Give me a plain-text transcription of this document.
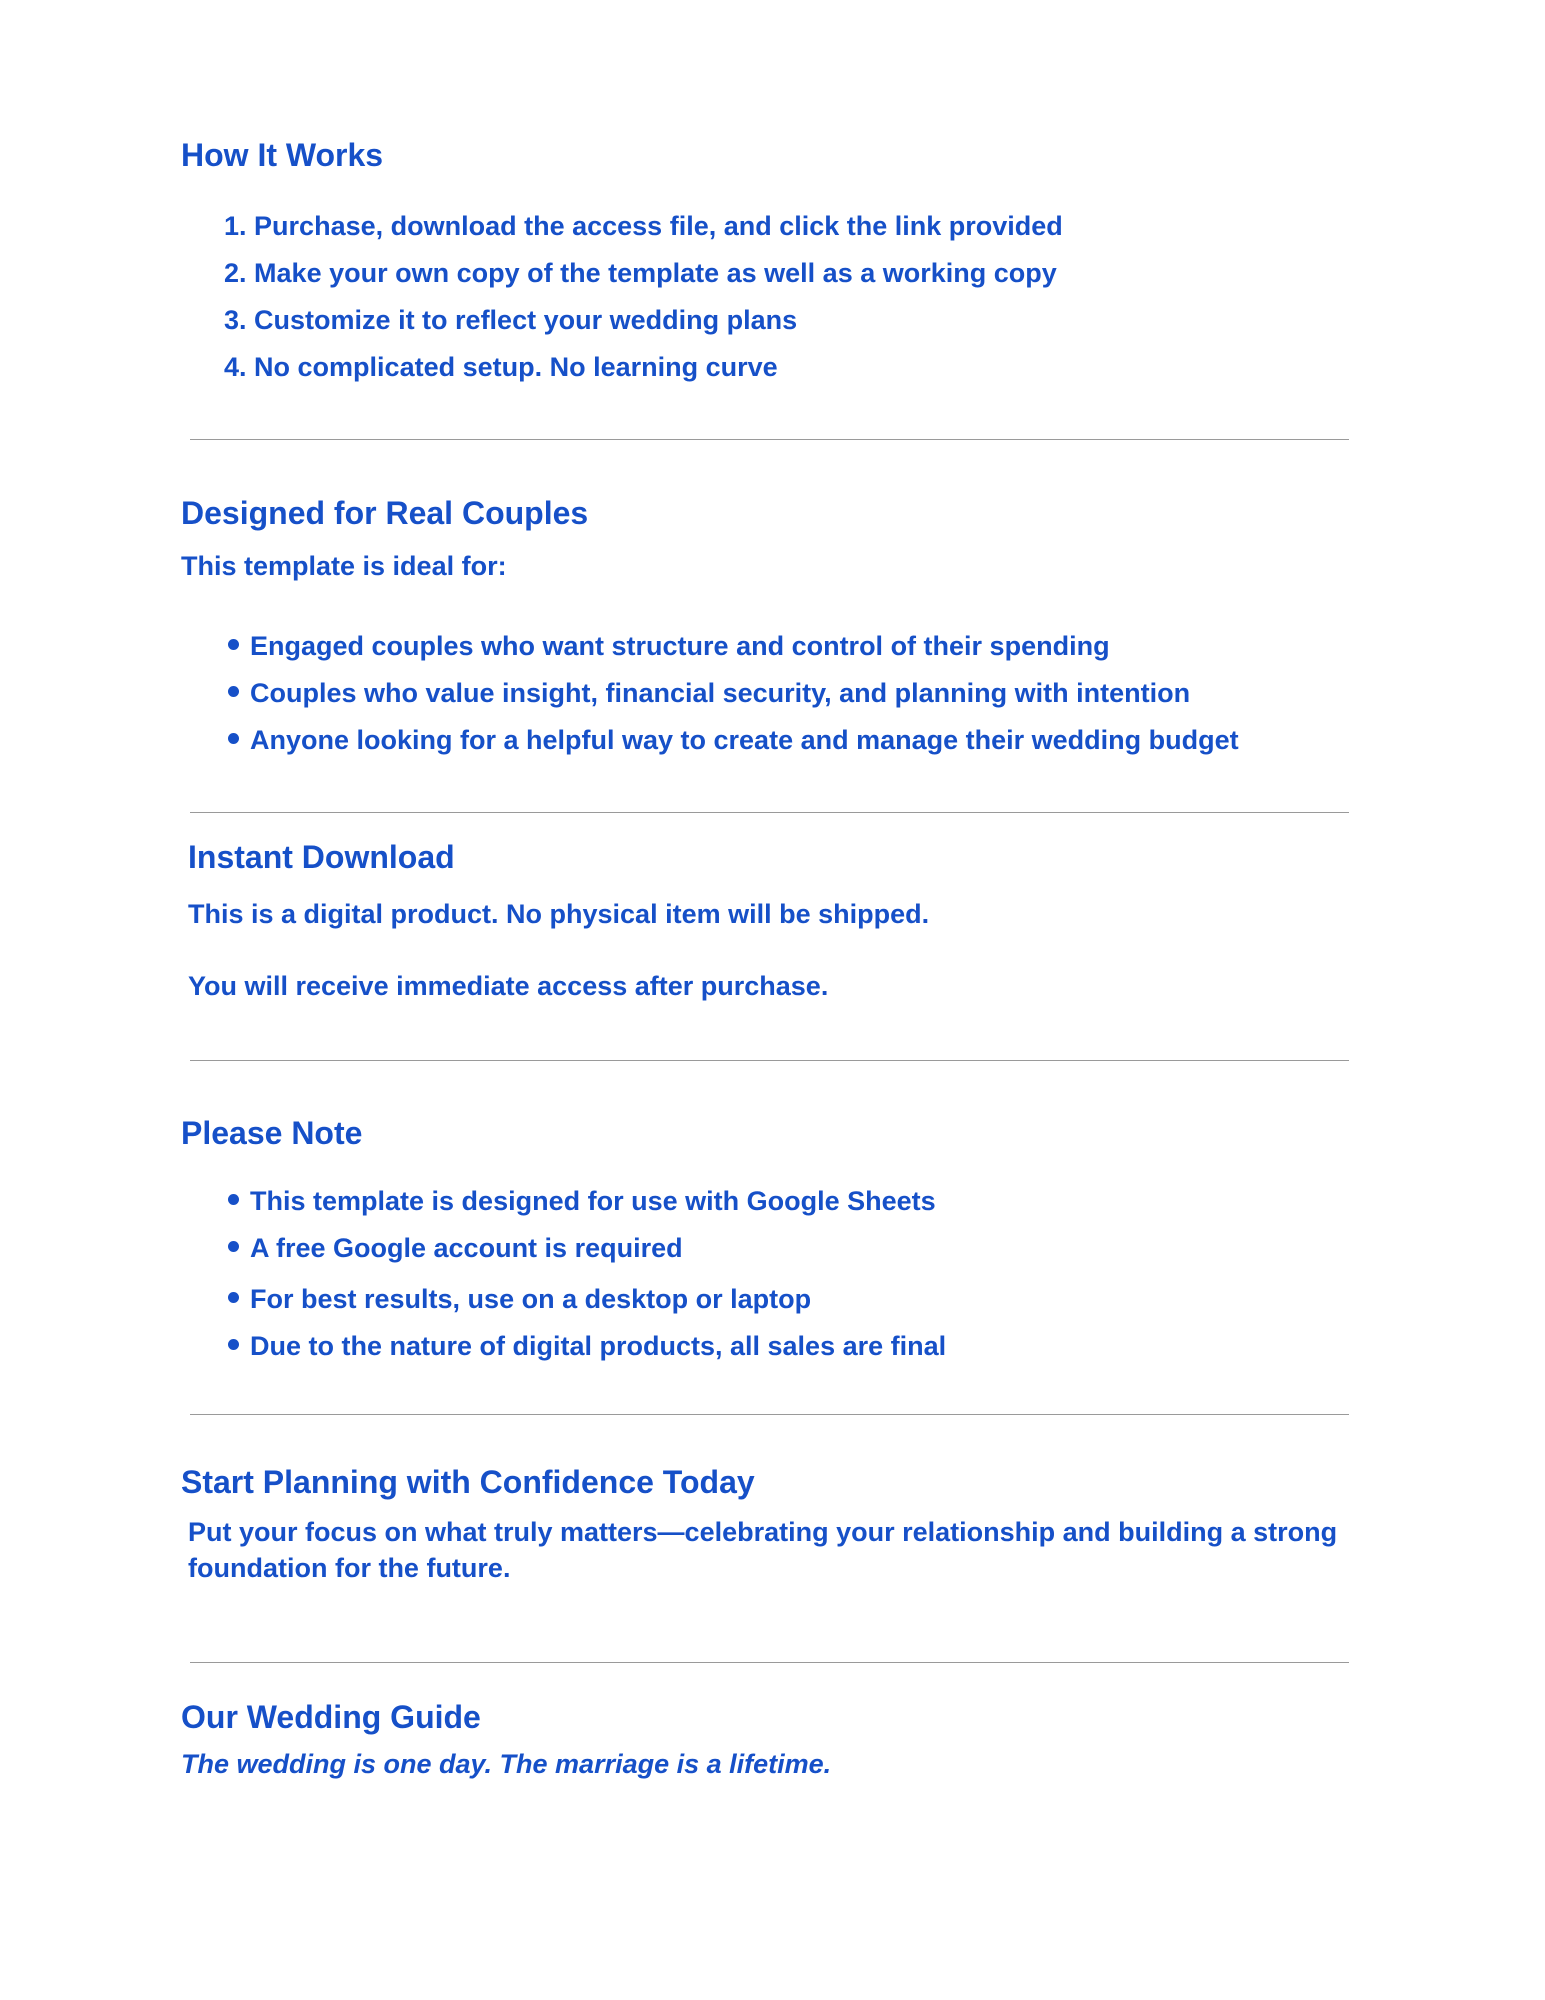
How It Works
1. Purchase, download the access file, and click the link provided
2. Make your own copy of the template as well as a working copy
3. Customize it to reflect your wedding plans
4. No complicated setup. No learning curve
Designed for Real Couples

This template is ideal for:

Engaged couples who want structure and control of their spending
Couples who value insight, financial security, and planning with intention
Anyone looking for a helpful way to create and manage their wedding budget
Instant Download

This is a digital product. No physical item will be shipped.

You will receive immediate access after purchase.

Please Note
This template is designed for use with Google Sheets
A free Google account is required
For best results, use on a desktop or laptop
Due to the nature of digital products, all sales are final
Start Planning with Confidence Today

Put your focus on what truly matters—celebrating your relationship and building a strong foundation for the future.

Our Wedding Guide

The wedding is one day. The marriage is a lifetime.
